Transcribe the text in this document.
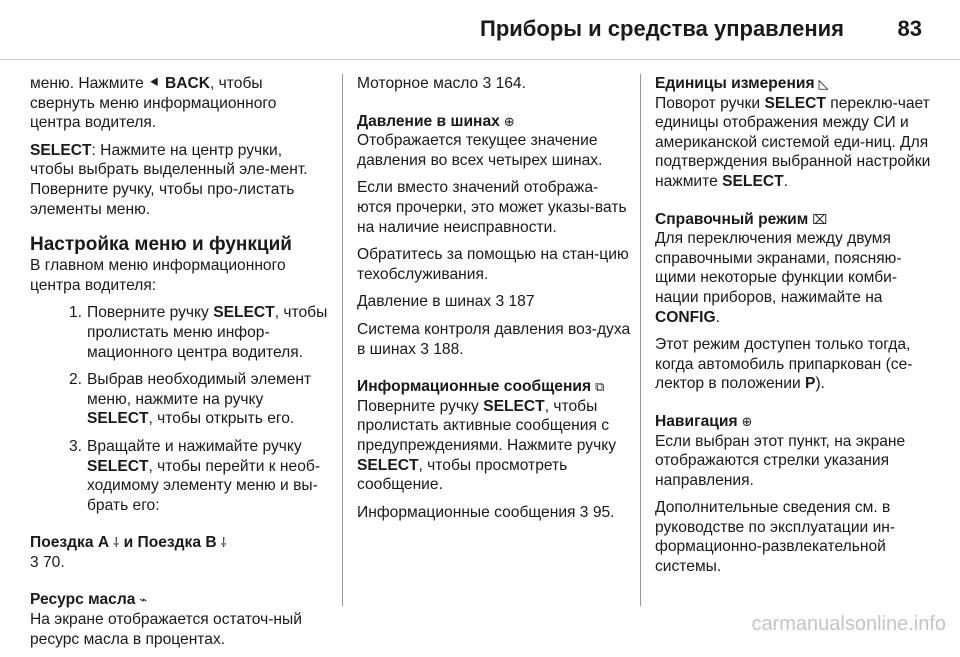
Приборы и средства управления 83

меню. Нажмите ⯇ BACK, чтобы свернуть меню информационного центра водителя.

SELECT: Нажмите на центр ручки, чтобы выбрать выделенный эле-мент. Поверните ручку, чтобы про-листать элементы меню.

Настройка меню и функций

В главном меню информационного центра водителя:

1. Поверните ручку SELECT, чтобы пролистать меню инфор-мационного центра водителя.
2. Выбрав необходимый элемент меню, нажмите на ручку SELECT, чтобы открыть его.
3. Вращайте и нажимайте ручку SELECT, чтобы перейти к необ-ходимому элементу меню и вы-брать его:
Поездка A ⸸ и Поездка B ⸸

3 70.

Ресурс масла ⌁

На экране отображается остаточ-ный ресурс масла в процентах.

Моторное масло 3 164.

Давление в шинах ⊕

Отображается текущее значение давления во всех четырех шинах.

Если вместо значений отобража-ются прочерки, это может указы-вать на наличие неисправности.

Обратитесь за помощью на стан-цию техобслуживания.

Давление в шинах 3 187

Система контроля давления воз-духа в шинах 3 188.

Информационные сообщения ⧉

Поверните ручку SELECT, чтобы пролистать активные сообщения с предупреждениями. Нажмите ручку SELECT, чтобы просмотреть сообщение.

Информационные сообщения 3 95.

Единицы измерения ◺

Поворот ручки SELECT переклю-чает единицы отображения между СИ и американской системой еди-ниц. Для подтверждения выбранной настройки нажмите SELECT.

Справочный режим ⌧

Для переключения между двумя справочными экранами, поясняю-щими некоторые функции комби-нации приборов, нажимайте на CONFIG.

Этот режим доступен только тогда, когда автомобиль припаркован (се-лектор в положении P).

Навигация ⊕

Если выбран этот пункт, на экране отображаются стрелки указания направления.

Дополнительные сведения см. в руководстве по эксплуатации ин-формационно-развлекательной системы.

carmanualsonline.info
